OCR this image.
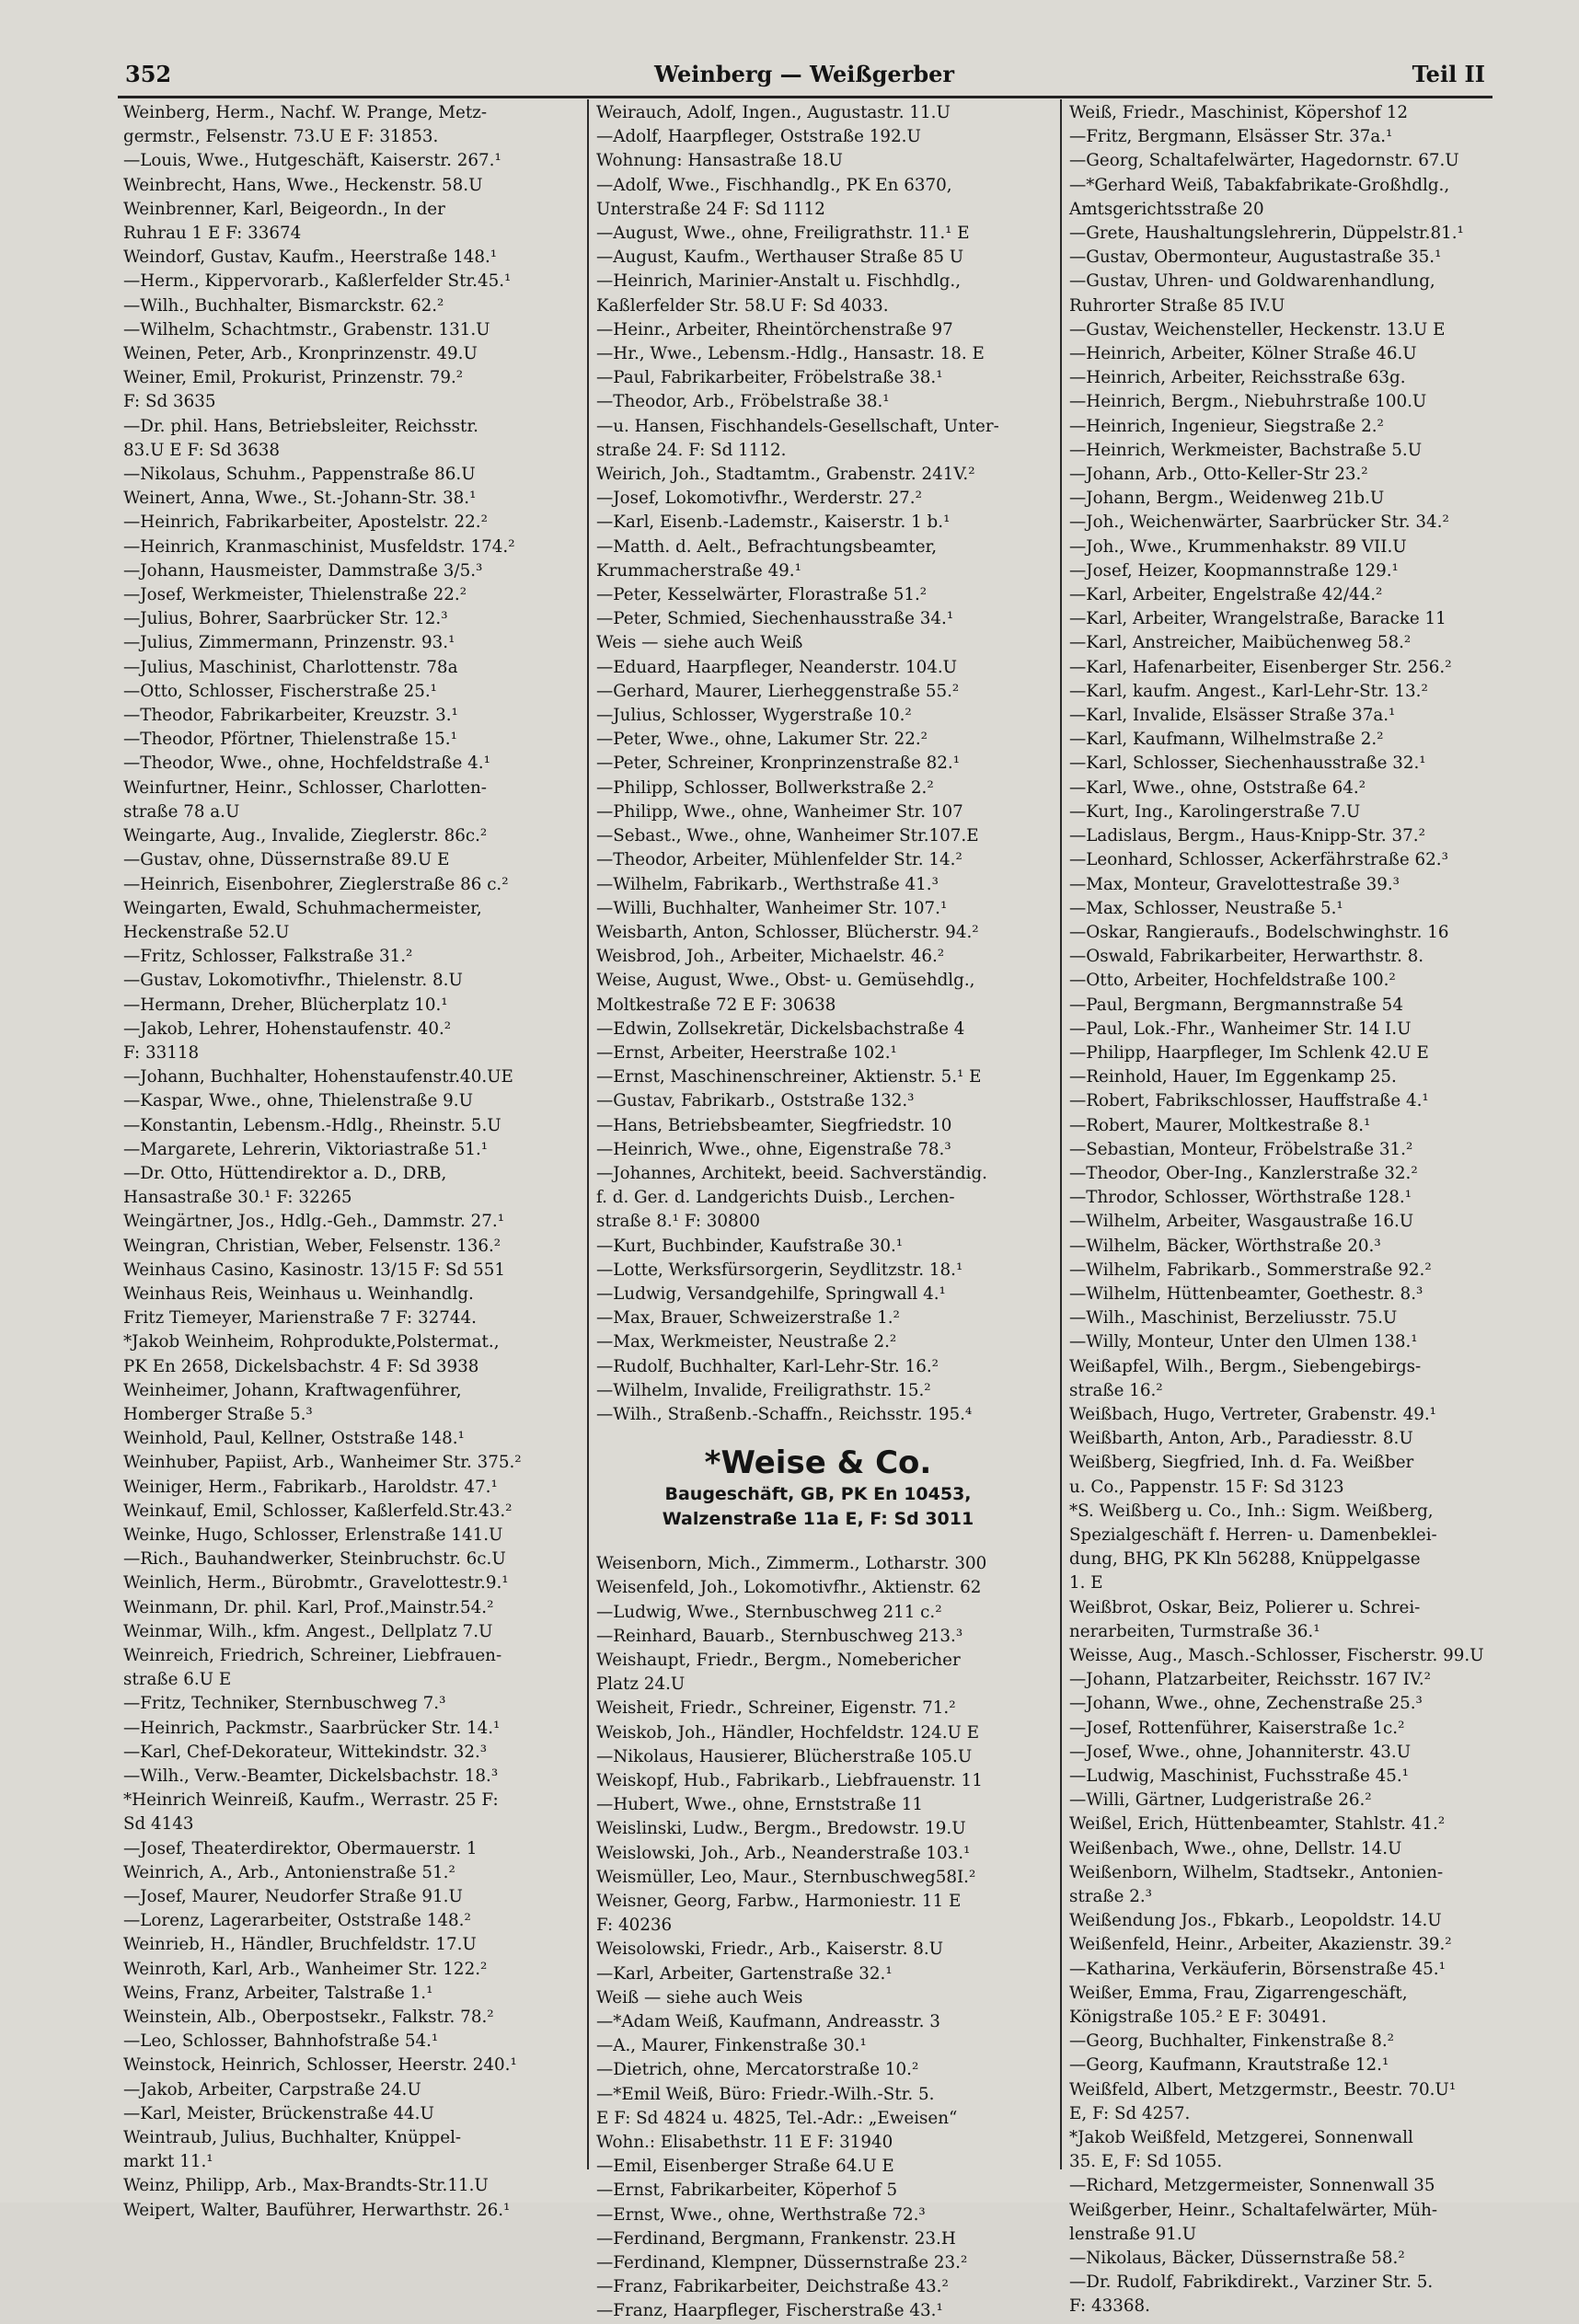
352	Weinberg — Weißgerber	Teil II
Weinberg, Herm., Nachf. W. Prange, Metz-
germstr., Felsenstr. 73.U E F: 31853.
—Louis, Wwe., Hutgeschäft, Kaiserstr. 267.¹
Weinbrecht, Hans, Wwe., Heckenstr. 58.U
Weinbrenner, Karl, Beigeordn., In der
Ruhrau 1 E F: 33674
Weindorf, Gustav, Kaufm., Heerstraße 148.¹
—Herm., Kippervorarb., Kaßlerfelder Str.45.¹
—Wilh., Buchhalter, Bismarckstr. 62.²
—Wilhelm, Schachtmstr., Grabenstr. 131.U
Weinen, Peter, Arb., Kronprinzenstr. 49.U
Weiner, Emil, Prokurist, Prinzenstr. 79.²
F: Sd 3635
—Dr. phil. Hans, Betriebsleiter, Reichsstr.
83.U E F: Sd 3638
—Nikolaus, Schuhm., Pappenstraße 86.U
Weinert, Anna, Wwe., St.-Johann-Str. 38.¹
—Heinrich, Fabrikarbeiter, Apostelstr. 22.²
—Heinrich, Kranmaschinist, Musfeldstr. 174.²
—Johann, Hausmeister, Dammstraße 3/5.³
—Josef, Werkmeister, Thielenstraße 22.²
—Julius, Bohrer, Saarbrücker Str. 12.³
—Julius, Zimmermann, Prinzenstr. 93.¹
—Julius, Maschinist, Charlottenstr. 78a
—Otto, Schlosser, Fischerstraße 25.¹
—Theodor, Fabrikarbeiter, Kreuzstr. 3.¹
—Theodor, Pförtner, Thielenstraße 15.¹
—Theodor, Wwe., ohne, Hochfeldstraße 4.¹
Weinfurtner, Heinr., Schlosser, Charlotten-
straße 78 a.U
Weingarte, Aug., Invalide, Zieglerstr. 86c.²
—Gustav, ohne, Düssernstraße 89.U E
—Heinrich, Eisenbohrer, Zieglerstraße 86 c.²
Weingarten, Ewald, Schuhmachermeister,
Heckenstraße 52.U
—Fritz, Schlosser, Falkstraße 31.²
—Gustav, Lokomotivfhr., Thielenstr. 8.U
—Hermann, Dreher, Blücherplatz 10.¹
—Jakob, Lehrer, Hohenstaufenstr. 40.²
F: 33118
—Johann, Buchhalter, Hohenstaufenstr.40.UE
—Kaspar, Wwe., ohne, Thielenstraße 9.U
—Konstantin, Lebensm.-Hdlg., Rheinstr. 5.U
—Margarete, Lehrerin, Viktoriastraße 51.¹
—Dr. Otto, Hüttendirektor a. D., DRB,
Hansastraße 30.¹ F: 32265
Weingärtner, Jos., Hdlg.-Geh., Dammstr. 27.¹
Weingran, Christian, Weber, Felsenstr. 136.²
Weinhaus Casino, Kasinostr. 13/15 F: Sd 551
Weinhaus Reis, Weinhaus u. Weinhandlg.
Fritz Tiemeyer, Marienstraße 7 F: 32744.
*Jakob Weinheim, Rohprodukte,Polstermat.,
PK En 2658, Dickelsbachstr. 4 F: Sd 3938
Weinheimer, Johann, Kraftwagenführer,
Homberger Straße 5.³
Weinhold, Paul, Kellner, Oststraße 148.¹
Weinhuber, Papiist, Arb., Wanheimer Str. 375.²
Weiniger, Herm., Fabrikarb., Haroldstr. 47.¹
Weinkauf, Emil, Schlosser, Kaßlerfeld.Str.43.²
Weinke, Hugo, Schlosser, Erlenstraße 141.U
—Rich., Bauhandwerker, Steinbruchstr. 6c.U
Weinlich, Herm., Bürobmtr., Gravelottestr.9.¹
Weinmann, Dr. phil. Karl, Prof.,Mainstr.54.²
Weinmar, Wilh., kfm. Angest., Dellplatz 7.U
Weinreich, Friedrich, Schreiner, Liebfrauen-
straße 6.U E
—Fritz, Techniker, Sternbuschweg 7.³
—Heinrich, Packmstr., Saarbrücker Str. 14.¹
—Karl, Chef-Dekorateur, Wittekindstr. 32.³
—Wilh., Verw.-Beamter, Dickelsbachstr. 18.³
*Heinrich Weinreiß, Kaufm., Werrastr. 25 F:
Sd 4143
—Josef, Theaterdirektor, Obermauerstr. 1
Weinrich, A., Arb., Antonienstraße 51.²
—Josef, Maurer, Neudorfer Straße 91.U
—Lorenz, Lagerarbeiter, Oststraße 148.²
Weinrieb, H., Händler, Bruchfeldstr. 17.U
Weinroth, Karl, Arb., Wanheimer Str. 122.²
Weins, Franz, Arbeiter, Talstraße 1.¹
Weinstein, Alb., Oberpostsekr., Falkstr. 78.²
—Leo, Schlosser, Bahnhofstraße 54.¹
Weinstock, Heinrich, Schlosser, Heerstr. 240.¹
—Jakob, Arbeiter, Carpstraße 24.U
—Karl, Meister, Brückenstraße 44.U
Weintraub, Julius, Buchhalter, Knüppel-
markt 11.¹
Weinz, Philipp, Arb., Max-Brandts-Str.11.U
Weipert, Walter, Bauführer, Herwarthstr. 26.¹
Weirauch, Adolf, Ingen., Augustastr. 11.U
—Adolf, Haarpfleger, Oststraße 192.U
Wohnung: Hansastraße 18.U
—Adolf, Wwe., Fischhandlg., PK En 6370,
Unterstraße 24 F: Sd 1112
—August, Wwe., ohne, Freiligrathstr. 11.¹ E
—August, Kaufm., Werthauser Straße 85 U
—Heinrich, Marinier-Anstalt u. Fischhdlg.,
Kaßlerfelder Str. 58.U F: Sd 4033.
—Heinr., Arbeiter, Rheintörchenstraße 97
—Hr., Wwe., Lebensm.-Hdlg., Hansastr. 18. E
—Paul, Fabrikarbeiter, Fröbelstraße 38.¹
—Theodor, Arb., Fröbelstraße 38.¹
—u. Hansen, Fischhandels-Gesellschaft, Unter-
straße 24. F: Sd 1112.
Weirich, Joh., Stadtamtm., Grabenstr. 241V.²
—Josef, Lokomotivfhr., Werderstr. 27.²
—Karl, Eisenb.-Lademstr., Kaiserstr. 1 b.¹
—Matth. d. Aelt., Befrachtungsbeamter,
Krummacherstraße 49.¹
—Peter, Kesselwärter, Florastraße 51.²
—Peter, Schmied, Siechenhausstraße 34.¹
Weis — siehe auch Weiß
—Eduard, Haarpfleger, Neanderstr. 104.U
—Gerhard, Maurer, Lierheggenstraße 55.²
—Julius, Schlosser, Wygerstraße 10.²
—Peter, Wwe., ohne, Lakumer Str. 22.²
—Peter, Schreiner, Kronprinzenstraße 82.¹
—Philipp, Schlosser, Bollwerkstraße 2.²
—Philipp, Wwe., ohne, Wanheimer Str. 107
—Sebast., Wwe., ohne, Wanheimer Str.107.E
—Theodor, Arbeiter, Mühlenfelder Str. 14.²
—Wilhelm, Fabrikarb., Werthstraße 41.³
—Willi, Buchhalter, Wanheimer Str. 107.¹
Weisbarth, Anton, Schlosser, Blücherstr. 94.²
Weisbrod, Joh., Arbeiter, Michaelstr. 46.²
Weise, August, Wwe., Obst- u. Gemüsehdlg.,
Moltkestraße 72 E F: 30638
—Edwin, Zollsekretär, Dickelsbachstraße 4
—Ernst, Arbeiter, Heerstraße 102.¹
—Ernst, Maschinenschreiner, Aktienstr. 5.¹ E
—Gustav, Fabrikarb., Oststraße 132.³
—Hans, Betriebsbeamter, Siegfriedstr. 10
—Heinrich, Wwe., ohne, Eigenstraße 78.³
—Johannes, Architekt, beeid. Sachverständig.
f. d. Ger. d. Landgerichts Duisb., Lerchen-
straße 8.¹ F: 30800
—Kurt, Buchbinder, Kaufstraße 30.¹
—Lotte, Werksfürsorgerin, Seydlitzstr. 18.¹
—Ludwig, Versandgehilfe, Springwall 4.¹
—Max, Brauer, Schweizerstraße 1.²
—Max, Werkmeister, Neustraße 2.²
—Rudolf, Buchhalter, Karl-Lehr-Str. 16.²
—Wilhelm, Invalide, Freiligrathstr. 15.²
—Wilh., Straßenb.-Schaffn., Reichsstr. 195.⁴
*Weise & Co.
Baugeschäft, GB, PK En 10453,
Walzenstraße 11a E, F: Sd 3011
Weisenborn, Mich., Zimmerm., Lotharstr. 300
Weisenfeld, Joh., Lokomotivfhr., Aktienstr. 62
—Ludwig, Wwe., Sternbuschweg 211 c.²
—Reinhard, Bauarb., Sternbuschweg 213.³
Weishaupt, Friedr., Bergm., Nomebericher
Platz 24.U
Weisheit, Friedr., Schreiner, Eigenstr. 71.²
Weiskob, Joh., Händler, Hochfeldstr. 124.U E
—Nikolaus, Hausierer, Blücherstraße 105.U
Weiskopf, Hub., Fabrikarb., Liebfrauenstr. 11
—Hubert, Wwe., ohne, Ernststraße 11
Weislinski, Ludw., Bergm., Bredowstr. 19.U
Weislowski, Joh., Arb., Neanderstraße 103.¹
Weismüller, Leo, Maur., Sternbuschweg58I.²
Weisner, Georg, Farbw., Harmoniestr. 11 E
F: 40236
Weisolowski, Friedr., Arb., Kaiserstr. 8.U
—Karl, Arbeiter, Gartenstraße 32.¹
Weiß — siehe auch Weis
—*Adam Weiß, Kaufmann, Andreasstr. 3
—A., Maurer, Finkenstraße 30.¹
—Dietrich, ohne, Mercatorstraße 10.²
—*Emil Weiß, Büro: Friedr.-Wilh.-Str. 5.
E F: Sd 4824 u. 4825, Tel.-Adr.: „Eweisen“
Wohn.: Elisabethstr. 11 E F: 31940
—Emil, Eisenberger Straße 64.U E
—Ernst, Fabrikarbeiter, Köperhof 5
—Ernst, Wwe., ohne, Werthstraße 72.³
—Ferdinand, Bergmann, Frankenstr. 23.H
—Ferdinand, Klempner, Düssernstraße 23.²
—Franz, Fabrikarbeiter, Deichstraße 43.²
—Franz, Haarpfleger, Fischerstraße 43.¹
Weiß, Friedr., Maschinist, Köpershof 12
—Fritz, Bergmann, Elsässer Str. 37a.¹
—Georg, Schaltafelwärter, Hagedornstr. 67.U
—*Gerhard Weiß, Tabakfabrikate-Großhdlg.,
Amtsgerichtsstraße 20
—Grete, Haushaltungslehrerin, Düppelstr.81.¹
—Gustav, Obermonteur, Augustastraße 35.¹
—Gustav, Uhren- und Goldwarenhandlung,
Ruhrorter Straße 85 IV.U
—Gustav, Weichensteller, Heckenstr. 13.U E
—Heinrich, Arbeiter, Kölner Straße 46.U
—Heinrich, Arbeiter, Reichsstraße 63g.
—Heinrich, Bergm., Niebuhrstraße 100.U
—Heinrich, Ingenieur, Siegstraße 2.²
—Heinrich, Werkmeister, Bachstraße 5.U
—Johann, Arb., Otto-Keller-Str 23.²
—Johann, Bergm., Weidenweg 21b.U
—Joh., Weichenwärter, Saarbrücker Str. 34.²
—Joh., Wwe., Krummenhakstr. 89 VII.U
—Josef, Heizer, Koopmannstraße 129.¹
—Karl, Arbeiter, Engelstraße 42/44.²
—Karl, Arbeiter, Wrangelstraße, Baracke 11
—Karl, Anstreicher, Maibüchenweg 58.²
—Karl, Hafenarbeiter, Eisenberger Str. 256.²
—Karl, kaufm. Angest., Karl-Lehr-Str. 13.²
—Karl, Invalide, Elsässer Straße 37a.¹
—Karl, Kaufmann, Wilhelmstraße 2.²
—Karl, Schlosser, Siechenhausstraße 32.¹
—Karl, Wwe., ohne, Oststraße 64.²
—Kurt, Ing., Karolingerstraße 7.U
—Ladislaus, Bergm., Haus-Knipp-Str. 37.²
—Leonhard, Schlosser, Ackerfährstraße 62.³
—Max, Monteur, Gravelottestraße 39.³
—Max, Schlosser, Neustraße 5.¹
—Oskar, Rangieraufs., Bodelschwinghstr. 16
—Oswald, Fabrikarbeiter, Herwarthstr. 8.
—Otto, Arbeiter, Hochfeldstraße 100.²
—Paul, Bergmann, Bergmannstraße 54
—Paul, Lok.-Fhr., Wanheimer Str. 14 I.U
—Philipp, Haarpfleger, Im Schlenk 42.U E
—Reinhold, Hauer, Im Eggenkamp 25.
—Robert, Fabrikschlosser, Hauffstraße 4.¹
—Robert, Maurer, Moltkestraße 8.¹
—Sebastian, Monteur, Fröbelstraße 31.²
—Theodor, Ober-Ing., Kanzlerstraße 32.²
—Throdor, Schlosser, Wörthstraße 128.¹
—Wilhelm, Arbeiter, Wasgaustraße 16.U
—Wilhelm, Bäcker, Wörthstraße 20.³
—Wilhelm, Fabrikarb., Sommerstraße 92.²
—Wilhelm, Hüttenbeamter, Goethestr. 8.³
—Wilh., Maschinist, Berzeliusstr. 75.U
—Willy, Monteur, Unter den Ulmen 138.¹
Weißapfel, Wilh., Bergm., Siebengebirgs-
straße 16.²
Weißbach, Hugo, Vertreter, Grabenstr. 49.¹
Weißbarth, Anton, Arb., Paradiesstr. 8.U
Weißberg, Siegfried, Inh. d. Fa. Weißber
u. Co., Pappenstr. 15 F: Sd 3123
*S. Weißberg u. Co., Inh.: Sigm. Weißberg,
Spezialgeschäft f. Herren- u. Damenbeklei-
dung, BHG, PK Kln 56288, Knüppelgasse
1. E
Weißbrot, Oskar, Beiz, Polierer u. Schrei-
nerarbeiten, Turmstraße 36.¹
Weisse, Aug., Masch.-Schlosser, Fischerstr. 99.U
—Johann, Platzarbeiter, Reichsstr. 167 IV.²
—Johann, Wwe., ohne, Zechenstraße 25.³
—Josef, Rottenführer, Kaiserstraße 1c.²
—Josef, Wwe., ohne, Johanniterstr. 43.U
—Ludwig, Maschinist, Fuchsstraße 45.¹
—Willi, Gärtner, Ludgeristraße 26.²
Weißel, Erich, Hüttenbeamter, Stahlstr. 41.²
Weißenbach, Wwe., ohne, Dellstr. 14.U
Weißenborn, Wilhelm, Stadtsekr., Antonien-
straße 2.³
Weißendung Jos., Fbkarb., Leopoldstr. 14.U
Weißenfeld, Heinr., Arbeiter, Akazienstr. 39.²
—Katharina, Verkäuferin, Börsenstraße 45.¹
Weißer, Emma, Frau, Zigarrengeschäft,
Königstraße 105.² E F: 30491.
—Georg, Buchhalter, Finkenstraße 8.²
—Georg, Kaufmann, Krautstraße 12.¹
Weißfeld, Albert, Metzgermstr., Beestr. 70.U¹
E, F: Sd 4257.
*Jakob Weißfeld, Metzgerei, Sonnenwall
35. E, F: Sd 1055.
—Richard, Metzgermeister, Sonnenwall 35
Weißgerber, Heinr., Schaltafelwärter, Müh-
lenstraße 91.U
—Nikolaus, Bäcker, Düssernstraße 58.²
—Dr. Rudolf, Fabrikdirekt., Varziner Str. 5.
F: 43368.
